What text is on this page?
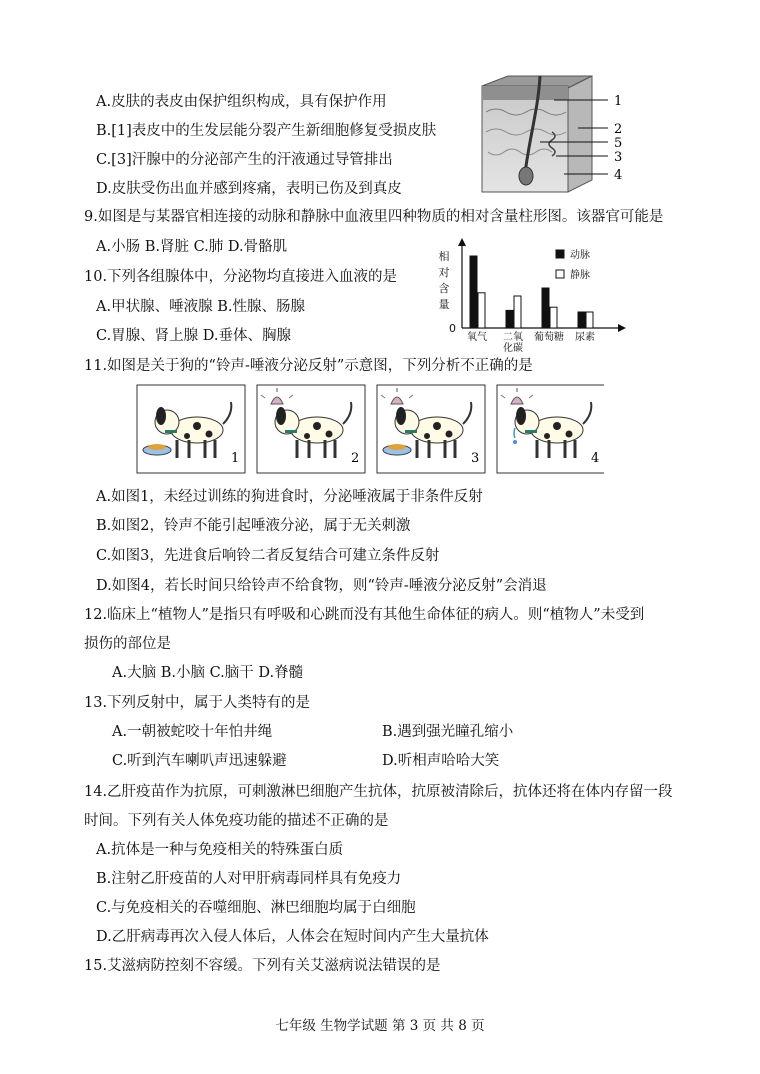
A.皮肤的表皮由保护组织构成，具有保护作用
B.[1]表皮中的生发层能分裂产生新细胞修复受损皮肤
C.[3]汗腺中的分泌部产生的汗液通过导管排出
D.皮肤受伤出血并感到疼痛，表明已伤及到真皮
1
2
5
3
4
9.如图是与某器官相连接的动脉和静脉中血液里四种物质的相对含量柱形图。该器官可能是
A.小肠 B.肾脏 C.肺 D.骨骼肌
10.下列各组腺体中，分泌物均直接进入血液的是
A.甲状腺、唾液腺 B.性腺、肠腺
C.胃腺、肾上腺 D.垂体、胸腺
相
对
含
量
0
氧气 二氧化碳
葡萄糖 尿素
动脉
静脉
11.如图是关于狗的“铃声-唾液分泌反射”示意图，下列分析不正确的是
1	2	3	4
A.如图1，未经过训练的狗进食时，分泌唾液属于非条件反射
B.如图2，铃声不能引起唾液分泌，属于无关刺激
C.如图3，先进食后响铃二者反复结合可建立条件反射
D.如图4，若长时间只给铃声不给食物，则“铃声-唾液分泌反射”会消退
12.临床上“植物人”是指只有呼吸和心跳而没有其他生命体征的病人。则“植物人”未受到
损伤的部位是
A.大脑 B.小脑 C.脑干 D.脊髓
13.下列反射中，属于人类特有的是
A.一朝被蛇咬十年怕井绳	B.遇到强光瞳孔缩小
C.听到汽车喇叭声迅速躲避	D.听相声哈哈大笑
14.乙肝疫苗作为抗原，可刺激淋巴细胞产生抗体，抗原被清除后，抗体还将在体内存留一段
时间。下列有关人体免疫功能的描述不正确的是
A.抗体是一种与免疫相关的特殊蛋白质
B.注射乙肝疫苗的人对甲肝病毒同样具有免疫力
C.与免疫相关的吞噬细胞、淋巴细胞均属于白细胞
D.乙肝病毒再次入侵人体后，人体会在短时间内产生大量抗体
15.艾滋病防控刻不容缓。下列有关艾滋病说法错误的是
七年级 生物学试题 第 3 页 共 8 页
